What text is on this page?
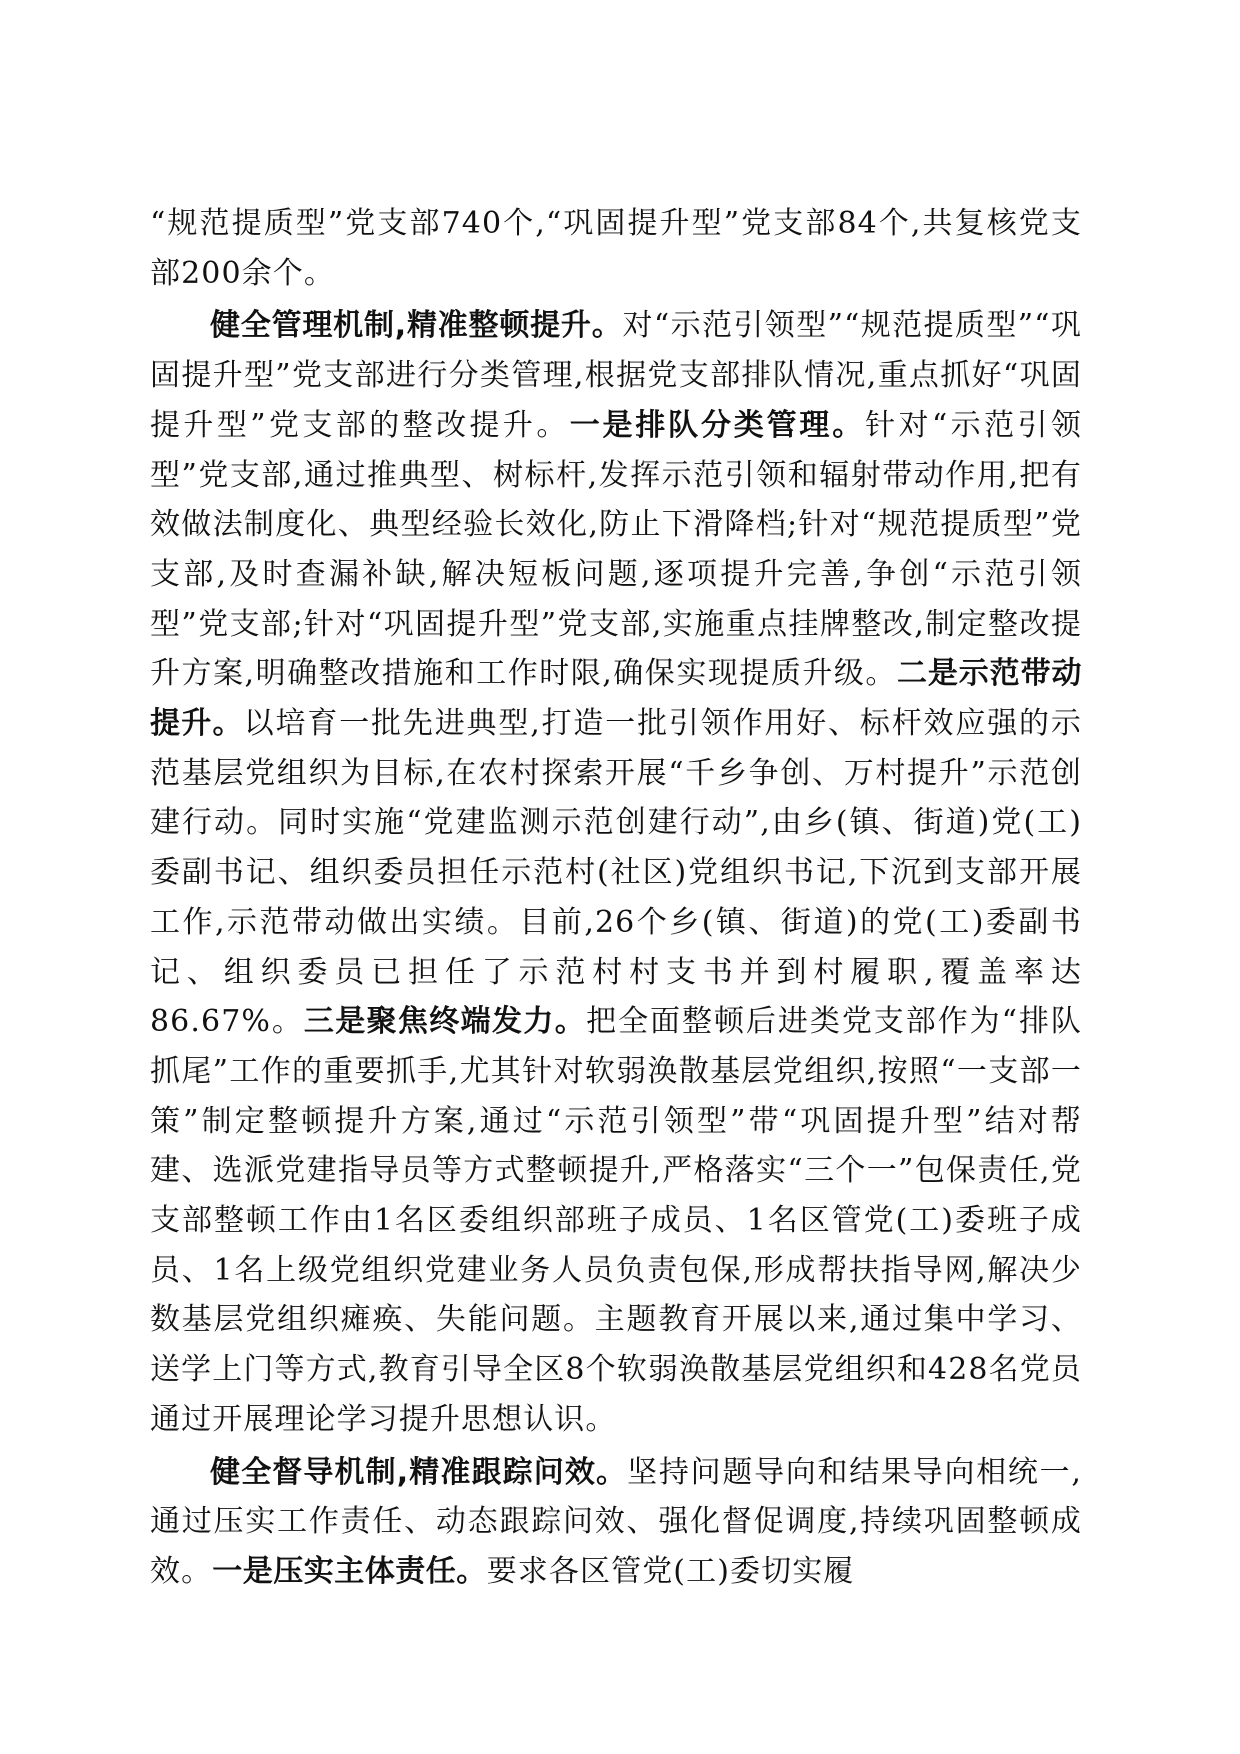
“规范提质型”党支部740个,“巩固提升型”党支部84个,共复核党支部200余个。

健全管理机制,精准整顿提升。对“示范引领型”“规范提质型”“巩固提升型”党支部进行分类管理,根据党支部排队情况,重点抓好“巩固提升型”党支部的整改提升。一是排队分类管理。针对“示范引领型”党支部,通过推典型、树标杆,发挥示范引领和辐射带动作用,把有效做法制度化、典型经验长效化,防止下滑降档;针对“规范提质型”党支部,及时查漏补缺,解决短板问题,逐项提升完善,争创“示范引领型”党支部;针对“巩固提升型”党支部,实施重点挂牌整改,制定整改提升方案,明确整改措施和工作时限,确保实现提质升级。二是示范带动提升。以培育一批先进典型,打造一批引领作用好、标杆效应强的示范基层党组织为目标,在农村探索开展“千乡争创、万村提升”示范创建行动。同时实施“党建监测示范创建行动”,由乡(镇、街道)党(工)委副书记、组织委员担任示范村(社区)党组织书记,下沉到支部开展工作,示范带动做出实绩。目前,26个乡(镇、街道)的党(工)委副书记、组织委员已担任了示范村村支书并到村履职,覆盖率达86.67%。三是聚焦终端发力。把全面整顿后进类党支部作为“排队抓尾”工作的重要抓手,尤其针对软弱涣散基层党组织,按照“一支部一策”制定整顿提升方案,通过“示范引领型”带“巩固提升型”结对帮建、选派党建指导员等方式整顿提升,严格落实“三个一”包保责任,党支部整顿工作由1名区委组织部班子成员、1名区管党(工)委班子成员、1名上级党组织党建业务人员负责包保,形成帮扶指导网,解决少数基层党组织瘫痪、失能问题。主题教育开展以来,通过集中学习、送学上门等方式,教育引导全区8个软弱涣散基层党组织和428名党员通过开展理论学习提升思想认识。

健全督导机制,精准跟踪问效。坚持问题导向和结果导向相统一,通过压实工作责任、动态跟踪问效、强化督促调度,持续巩固整顿成效。一是压实主体责任。要求各区管党(工)委切实履
